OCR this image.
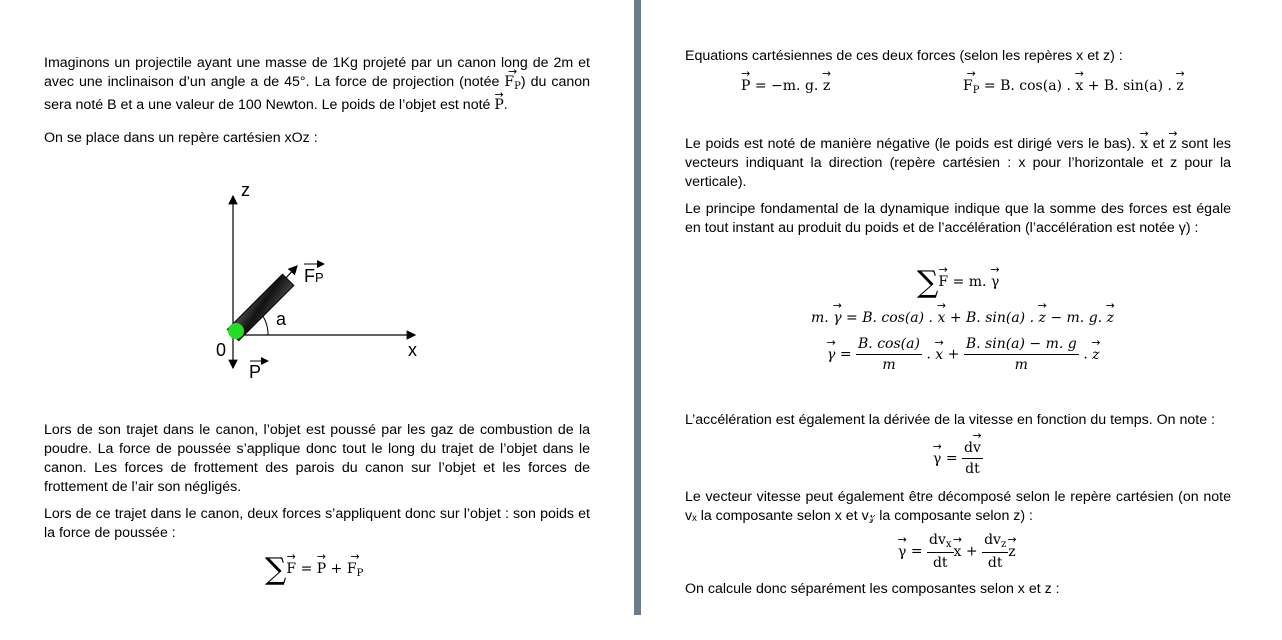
Imaginons un projectile ayant une masse de 1Kg projeté par un canon long de 2m et avec une inclinaison d’un angle a de 45°. La force de projection (notée → $F_P$) du canon sera noté B et a une valeur de 100 Newton. Le poids de l’objet est noté → P.
On se place dans un repère cartésien xOz :
z
x
0
FP
a
P
Lors de son trajet dans le canon, l’objet est poussé par les gaz de combustion de la poudre. La force de poussée s’applique donc tout le long du trajet de l’objet dans le canon. Les forces de frottement des parois du canon sur l’objet et les forces de frottement de l’air son négligés.
Lors de ce trajet dans le canon, deux forces s’appliquent donc sur l’objet : son poids et la force de poussée :
∑→ F = → P + → $F_P$
Equations cartésiennes de ces deux forces (selon les repères x et z) :
→ P = −m. g. → z
→	$F_P = B$. cos(a) . → x + B. sin(a) . → z
Le poids est noté de manière négative (le poids est dirigé vers le bas). → x et → z sont les vecteurs indiquant la direction (repère cartésien : x pour l’horizontale et z pour la verticale).
Le principe fondamental de la dynamique indique que la somme des forces est égale en tout instant au produit du poids et de l’accélération (l’accélération est notée γ) :
∑→ F = m. → γ
m. → γ = B. cos(a) . → x + B. sin(a) . → z − m. g. → z
→ $\gamma = \frac{B. \cos(a)}{m}$ . → $x + \frac{B. \sin(a) - m. g}{m}$ . → z
L’accélération est également la dérivée de la vitesse en fonction du temps. On note :
→ $\gamma = \frac{d\to v}{dt}$
Le vecteur vitesse peut également être décomposé selon le repère cartésien (on note vₓ la composante selon x et v𝓏 la composante selon z) :
→ $\gamma = \frac{dv_x}{dt}$
→ $x + \frac{dv_z}{dt}$
→ z
On calcule donc séparément les composantes selon x et z :
